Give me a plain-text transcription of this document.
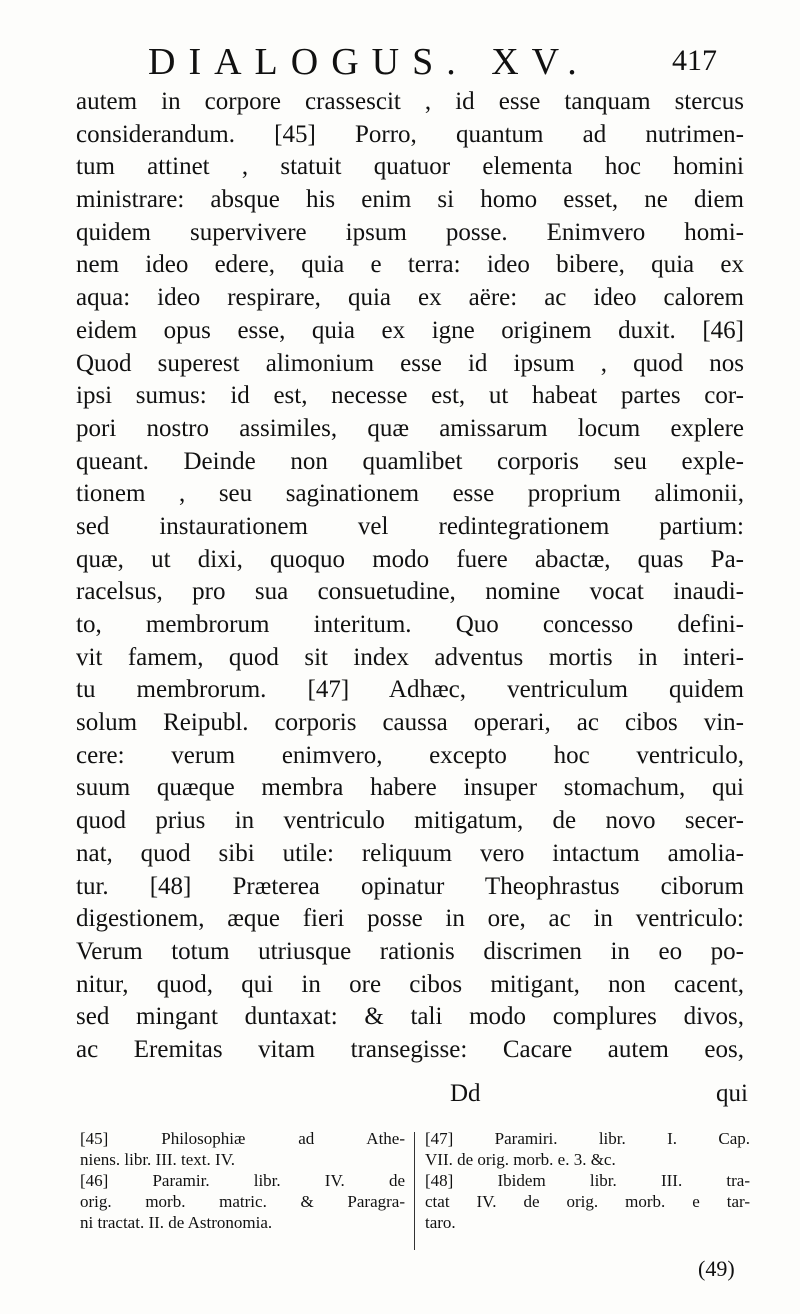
DIALOGUS. XV.	417
autem in corpore crassescit , id esse tanquam stercus
considerandum. [45] Porro, quantum ad nutrimen-
tum attinet , statuit quatuor elementa hoc homini
ministrare: absque his enim si homo esset, ne diem
quidem supervivere ipsum posse. Enimvero homi-
nem ideo edere, quia e terra: ideo bibere, quia ex
aqua: ideo respirare, quia ex aëre: ac ideo calorem
eidem opus esse, quia ex igne originem duxit. [46]
Quod superest alimonium esse id ipsum , quod nos
ipsi sumus: id est, necesse est, ut habeat partes cor-
pori nostro assimiles, quæ amissarum locum explere
queant. Deinde non quamlibet corporis seu exple-
tionem , seu saginationem esse proprium alimonii,
sed instaurationem vel redintegrationem partium:
quæ, ut dixi, quoquo modo fuere abactæ, quas Pa-
racelsus, pro sua consuetudine, nomine vocat inaudi-
to, membrorum interitum. Quo concesso defini-
vit famem, quod sit index adventus mortis in interi-
tu membrorum. [47] Adhæc, ventriculum quidem
solum Reipubl. corporis caussa operari, ac cibos vin-
cere: verum enimvero, excepto hoc ventriculo,
suum quæque membra habere insuper stomachum, qui
quod prius in ventriculo mitigatum, de novo secer-
nat, quod sibi utile: reliquum vero intactum amolia-
tur. [48] Præterea opinatur Theophrastus ciborum
digestionem, æque fieri posse in ore, ac in ventriculo:
Verum totum utriusque rationis discrimen in eo po-
nitur, quod, qui in ore cibos mitigant, non cacent,
sed mingant duntaxat: & tali modo complures divos,
ac Eremitas vitam transegisse: Cacare autem eos,
Dd	qui
[45] Philosophiæ ad Athe-
niens. libr. III. text. IV.
[46] Paramir. libr. IV. de
orig. morb. matric. & Paragra-
ni tractat. II. de Astronomia.
[47] Paramiri. libr. I. Cap.
VII. de orig. morb. e. 3. &c.
[48] Ibidem libr. III. tra-
ctat IV. de orig. morb. e tar-
taro.
(49)
